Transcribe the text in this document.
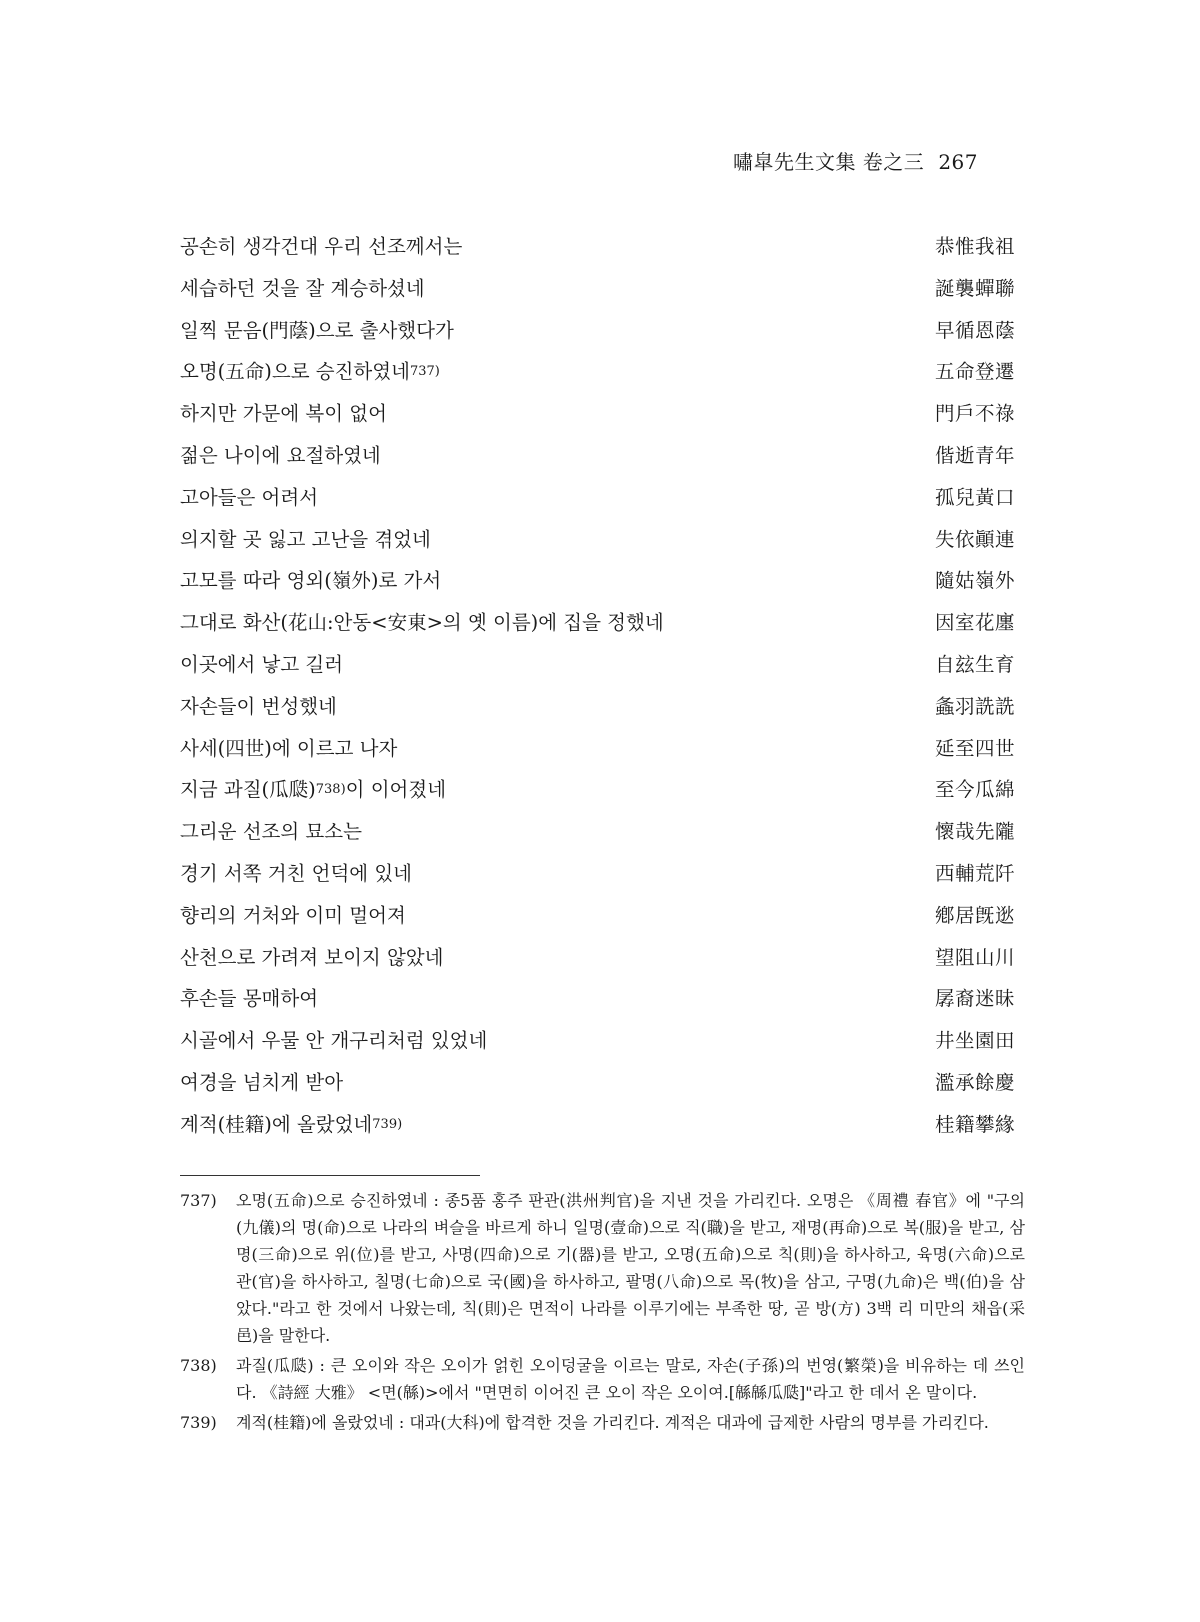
嘯皐先生文集 卷之三 267
공손히 생각건대 우리 선조께서는	恭惟我祖
세습하던 것을 잘 계승하셨네	誕襲蟬聯
일찍 문음(門蔭)으로 출사했다가	早循恩蔭
오명(五命)으로 승진하였네$^{737)}$	五命登遷
하지만 가문에 복이 없어	門戶不祿
젊은 나이에 요절하였네	偕逝青年
고아들은 어려서	孤兒黃口
의지할 곳 잃고 고난을 겪었네	失依顚連
고모를 따라 영외(嶺外)로 가서	隨姑嶺外
그대로 화산(花山:안동<安東>의 옛 이름)에 집을 정했네	因室花廛
이곳에서 낳고 길러	自玆生育
자손들이 번성했네	螽羽詵詵
사세(四世)에 이르고 나자	延至四世
지금 과질(瓜瓞)$^{738)}$이 이어졌네	至今瓜綿
그리운 선조의 묘소는	懷哉先隴
경기 서쪽 거친 언덕에 있네	西輔荒阡
향리의 거처와 이미 멀어져	鄕居旣逖
산천으로 가려져 보이지 않았네	望阻山川
후손들 몽매하여	孱裔迷昧
시골에서 우물 안 개구리처럼 있었네	井坐園田
여경을 넘치게 받아	濫承餘慶
계적(桂籍)에 올랐었네$^{739)}$	桂籍攀緣
737) 오명(五命)으로 승진하였네 : 종5품 홍주 판관(洪州判官)을 지낸 것을 가리킨다. 오명은 《周禮 春官》에 "구의(九儀)의 명(命)으로 나라의 벼슬을 바르게 하니 일명(壹命)으로 직(職)을 받고, 재명(再命)으로 복(服)을 받고, 삼명(三命)으로 위(位)를 받고, 사명(四命)으로 기(器)를 받고, 오명(五命)으로 칙(則)을 하사하고, 육명(六命)으로 관(官)을 하사하고, 칠명(七命)으로 국(國)을 하사하고, 팔명(八命)으로 목(牧)을 삼고, 구명(九命)은 백(伯)을 삼았다."라고 한 것에서 나왔는데, 칙(則)은 면적이 나라를 이루기에는 부족한 땅, 곧 방(方) 3백 리 미만의 채읍(采邑)을 말한다.
738) 과질(瓜瓞) : 큰 오이와 작은 오이가 얽힌 오이덩굴을 이르는 말로, 자손(子孫)의 번영(繁榮)을 비유하는 데 쓰인다. 《詩經 大雅》 <면(緜)>에서 "면면히 이어진 큰 오이 작은 오이여.[緜緜瓜瓞]"라고 한 데서 온 말이다.
739) 계적(桂籍)에 올랐었네 : 대과(大科)에 합격한 것을 가리킨다. 계적은 대과에 급제한 사람의 명부를 가리킨다.
